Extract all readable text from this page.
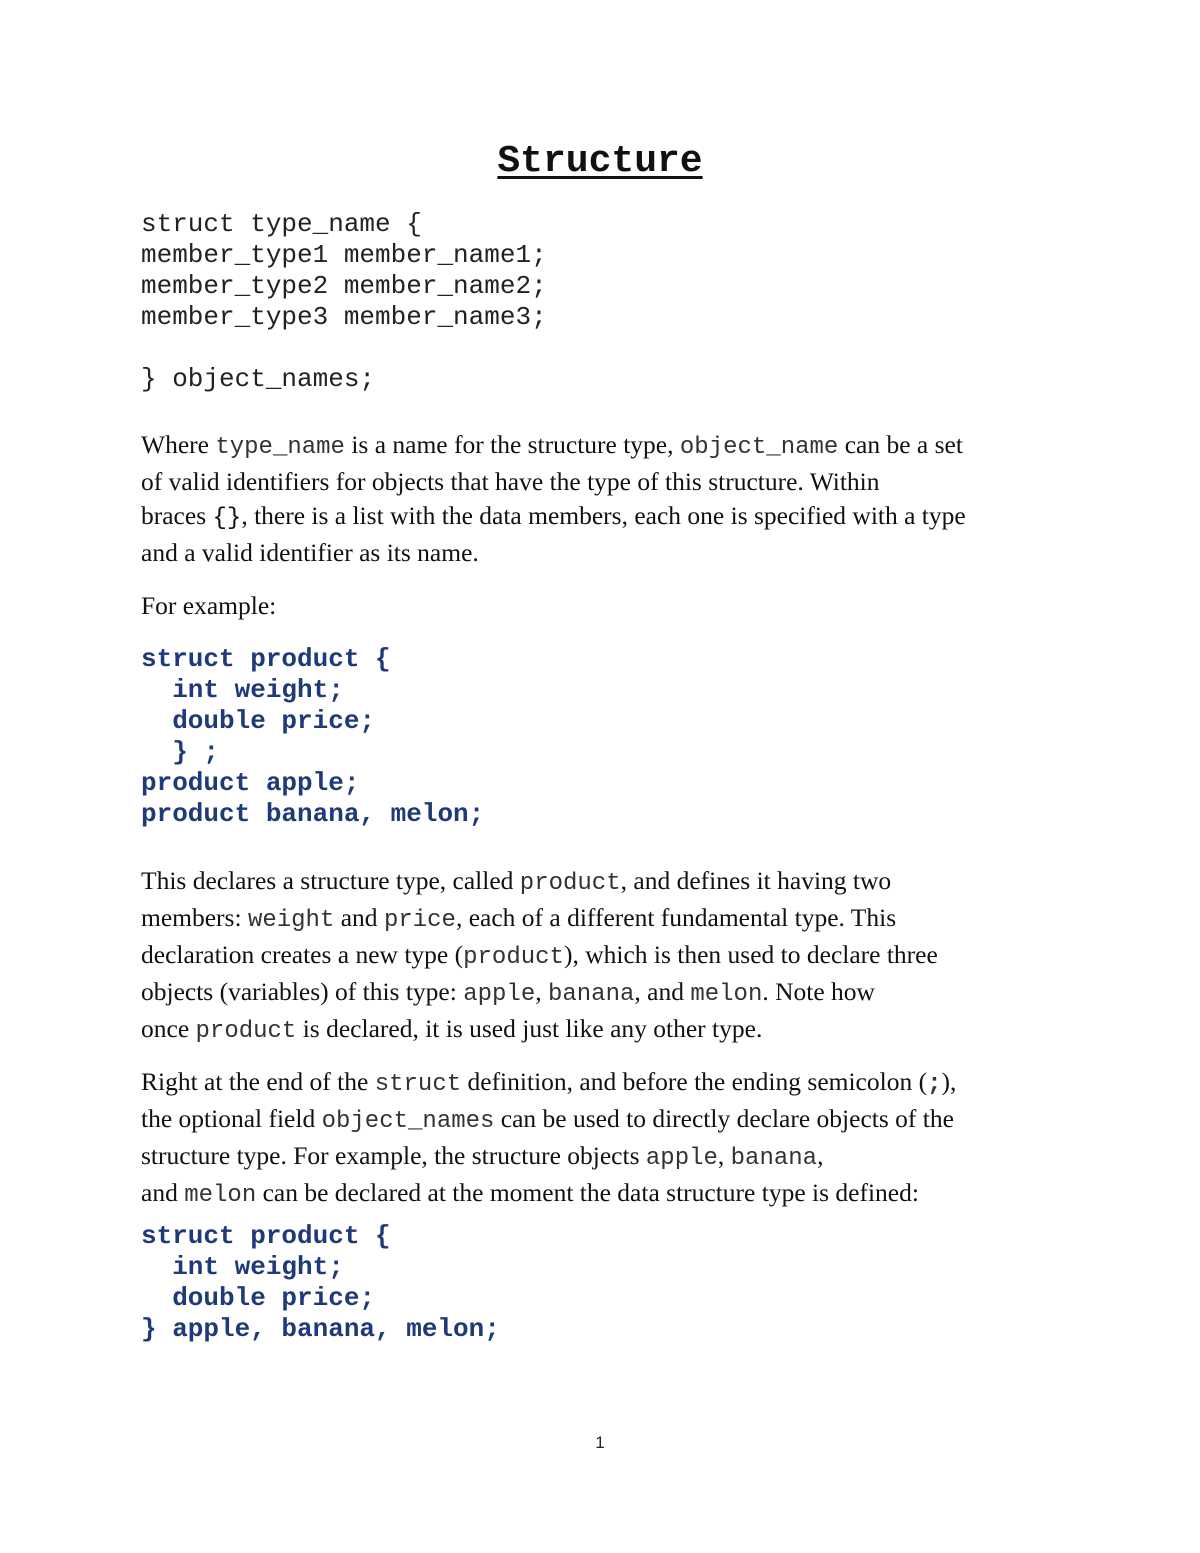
Structure
struct type_name {
member_type1 member_name1;
member_type2 member_name2;
member_type3 member_name3;

} object_names;
Where type_name is a name for the structure type, object_name can be a set
of valid identifiers for objects that have the type of this structure. Within
braces {}, there is a list with the data members, each one is specified with a type
and a valid identifier as its name.
For example:
struct product {
int weight;
double price;
} ;
product apple;
product banana, melon;
This declares a structure type, called product, and defines it having two
members: weight and price, each of a different fundamental type. This
declaration creates a new type (product), which is then used to declare three
objects (variables) of this type: apple, banana, and melon. Note how
once product is declared, it is used just like any other type.
Right at the end of the struct definition, and before the ending semicolon (;),
the optional field object_names can be used to directly declare objects of the
structure type. For example, the structure objects apple, banana,
and melon can be declared at the moment the data structure type is defined:
struct product {
int weight;
double price;
} apple, banana, melon;
1
